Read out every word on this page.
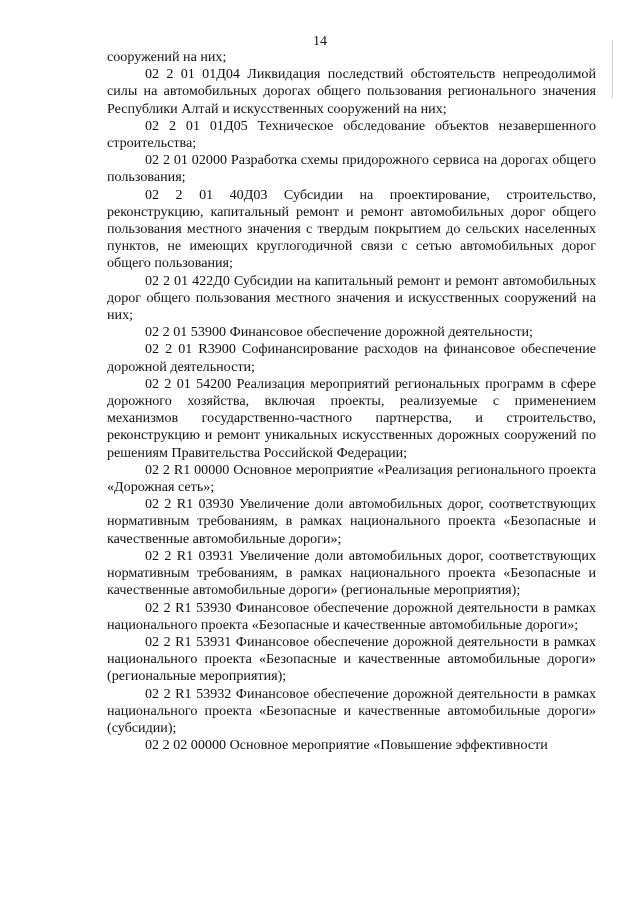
14

сооружений на них;

02 2 01 01Д04 Ликвидация последствий обстоятельств непреодолимой силы на автомобильных дорогах общего пользования регионального значения Республики Алтай и искусственных сооружений на них;

02 2 01 01Д05 Техническое обследование объектов незавершенного строительства;

02 2 01 02000 Разработка схемы придорожного сервиса на дорогах общего пользования;

02 2 01 40Д03 Субсидии на проектирование, строительство, реконструкцию, капитальный ремонт и ремонт автомобильных дорог общего пользования местного значения с твердым покрытием до сельских населенных пунктов, не имеющих круглогодичной связи с сетью автомобильных дорог общего пользования;

02 2 01 422Д0 Субсидии на капитальный ремонт и ремонт автомобильных дорог общего пользования местного значения и искусственных сооружений на них;

02 2 01 53900 Финансовое обеспечение дорожной деятельности;

02 2 01 R3900 Софинансирование расходов на финансовое обеспечение дорожной деятельности;

02 2 01 54200 Реализация мероприятий региональных программ в сфере дорожного хозяйства, включая проекты, реализуемые с применением механизмов государственно-частного партнерства, и строительство, реконструкцию и ремонт уникальных искусственных дорожных сооружений по решениям Правительства Российской Федерации;

02 2 R1 00000 Основное мероприятие «Реализация регионального проекта «Дорожная сеть»;

02 2 R1 03930 Увеличение доли автомобильных дорог, соответствующих нормативным требованиям, в рамках национального проекта «Безопасные и качественные автомобильные дороги»;

02 2 R1 03931 Увеличение доли автомобильных дорог, соответствующих нормативным требованиям, в рамках национального проекта «Безопасные и качественные автомобильные дороги» (региональные мероприятия);

02 2 R1 53930 Финансовое обеспечение дорожной деятельности в рамках национального проекта «Безопасные и качественные автомобильные дороги»;

02 2 R1 53931 Финансовое обеспечение дорожной деятельности в рамках национального проекта «Безопасные и качественные автомобильные дороги» (региональные мероприятия);

02 2 R1 53932 Финансовое обеспечение дорожной деятельности в рамках национального проекта «Безопасные и качественные автомобильные дороги» (субсидии);

02 2 02 00000 Основное мероприятие «Повышение эффективности
